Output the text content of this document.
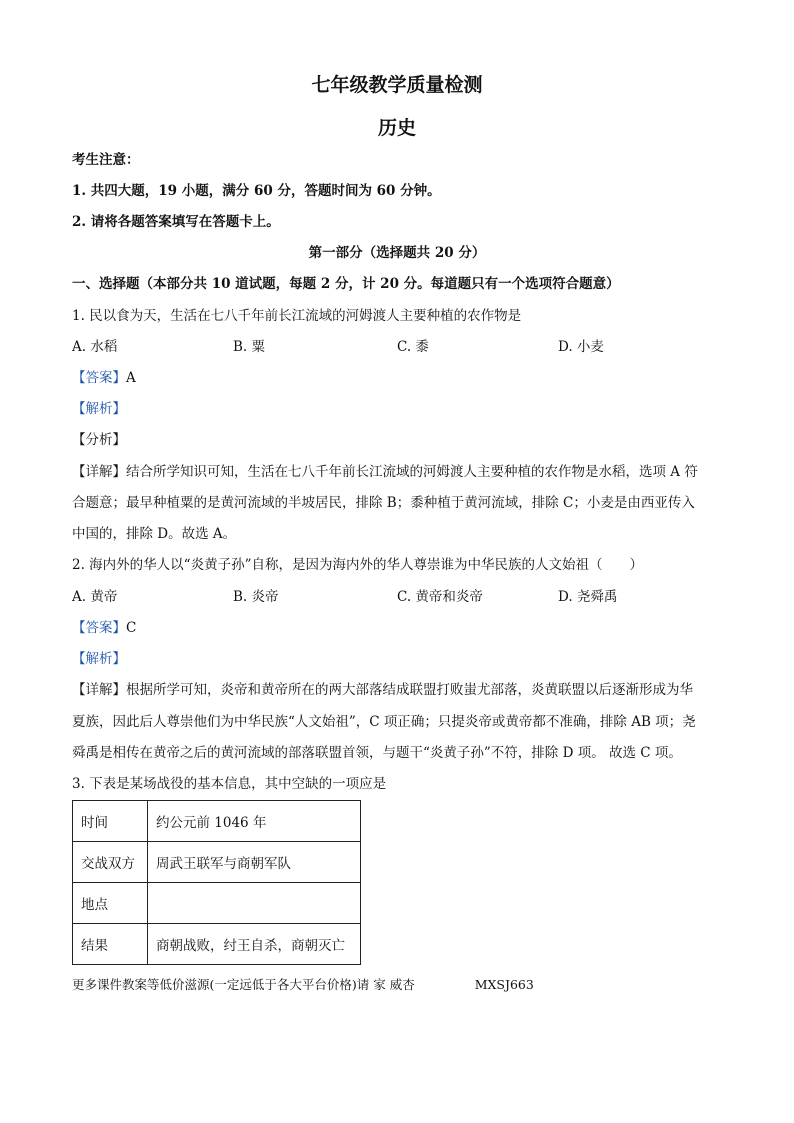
七年级教学质量检测
历史
考生注意：
1. 共四大题，19 小题，满分 60 分，答题时间为 60 分钟。
2. 请将各题答案填写在答题卡上。
第一部分（选择题共 20 分）
一、选择题（本部分共 10 道试题，每题 2 分，计 20 分。每道题只有一个选项符合题意）
1. 民以食为天，生活在七八千年前长江流域的河姆渡人主要种植的农作物是
A. 水稻	B. 粟	C. 黍	D. 小麦
【答案】A
【解析】
【分析】
【详解】结合所学知识可知，生活在七八千年前长江流域的河姆渡人主要种植的农作物是水稻，选项 A 符
合题意；最早种植粟的是黄河流域的半坡居民，排除 B；黍种植于黄河流域，排除 C；小麦是由西亚传入
中国的，排除 D。故选 A。
2. 海内外的华人以“炎黄子孙”自称，是因为海内外的华人尊崇谁为中华民族的人文始祖（　　）
A. 黄帝	B. 炎帝	C. 黄帝和炎帝	D. 尧舜禹
【答案】C
【解析】
【详解】根据所学可知，炎帝和黄帝所在的两大部落结成联盟打败蚩尤部落，炎黄联盟以后逐渐形成为华
夏族，因此后人尊崇他们为中华民族“人文始祖”，C 项正确；只提炎帝或黄帝都不准确，排除 AB 项；尧
舜禹是相传在黄帝之后的黄河流域的部落联盟首领，与题干“炎黄子孙”不符，排除 D 项。 故选 C 项。
3. 下表是某场战役的基本信息，其中空缺的一项应是
时间	约公元前 1046 年
交战双方	周武王联军与商朝军队
地点	
结果	商朝战败，纣王自杀，商朝灭亡
更多课件教案等低价滋源(一定远低于各大平台价格)请 家 威杏	MXSJ663
